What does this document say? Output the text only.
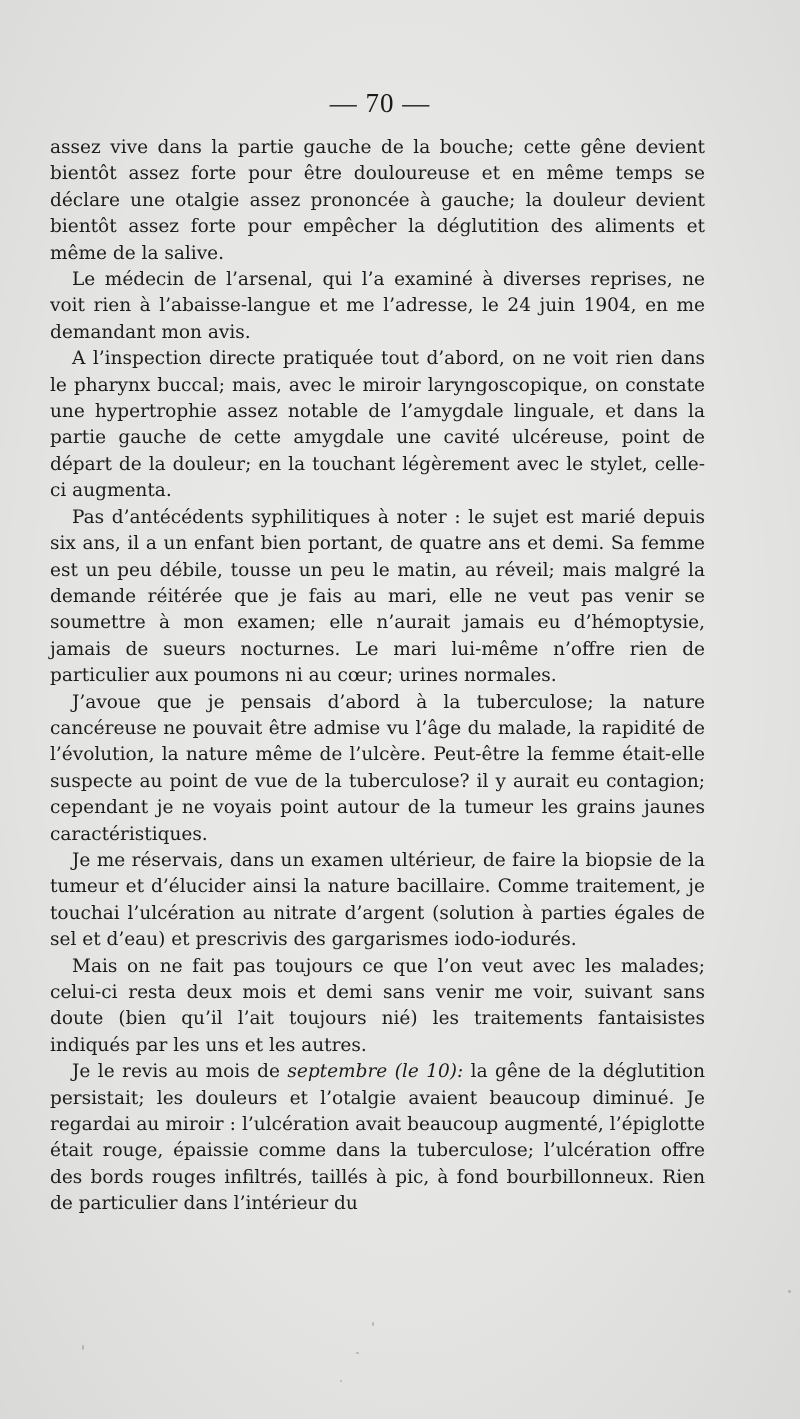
— 70 —

assez vive dans la partie gauche de la bouche; cette gêne devient bientôt assez forte pour être douloureuse et en même temps se déclare une otalgie assez prononcée à gauche; la douleur devient bientôt assez forte pour empêcher la déglutition des aliments et même de la salive.

Le médecin de l’arsenal, qui l’a examiné à diverses reprises, ne voit rien à l’abaisse-langue et me l’adresse, le 24 juin 1904, en me demandant mon avis.

A l’inspection directe pratiquée tout d’abord, on ne voit rien dans le pharynx buccal; mais, avec le miroir laryngoscopique, on constate une hypertrophie assez notable de l’amygdale linguale, et dans la partie gauche de cette amygdale une cavité ulcéreuse, point de départ de la douleur; en la touchant légèrement avec le stylet, celle-ci augmenta.

Pas d’antécédents syphilitiques à noter : le sujet est marié depuis six ans, il a un enfant bien portant, de quatre ans et demi. Sa femme est un peu débile, tousse un peu le matin, au réveil; mais malgré la demande réitérée que je fais au mari, elle ne veut pas venir se soumettre à mon examen; elle n’aurait jamais eu d’hémoptysie, jamais de sueurs nocturnes. Le mari lui-même n’offre rien de particulier aux poumons ni au cœur; urines normales.

J’avoue que je pensais d’abord à la tuberculose; la nature cancéreuse ne pouvait être admise vu l’âge du malade, la rapidité de l’évolution, la nature même de l’ulcère. Peut-être la femme était-elle suspecte au point de vue de la tuberculose? il y aurait eu contagion; cependant je ne voyais point autour de la tumeur les grains jaunes caractéristiques.

Je me réservais, dans un examen ultérieur, de faire la biopsie de la tumeur et d’élucider ainsi la nature bacillaire. Comme traitement, je touchai l’ulcération au nitrate d’argent (solution à parties égales de sel et d’eau) et prescrivis des gargarismes iodo-iodurés.

Mais on ne fait pas toujours ce que l’on veut avec les malades; celui-ci resta deux mois et demi sans venir me voir, suivant sans doute (bien qu’il l’ait toujours nié) les traitements fantaisistes indiqués par les uns et les autres.

Je le revis au mois de septembre (le 10): la gêne de la déglutition persistait; les douleurs et l’otalgie avaient beaucoup diminué. Je regardai au miroir : l’ulcération avait beaucoup augmenté, l’épiglotte était rouge, épaissie comme dans la tuberculose; l’ulcération offre des bords rouges infiltrés, taillés à pic, à fond bourbillonneux. Rien de particulier dans l’intérieur du
